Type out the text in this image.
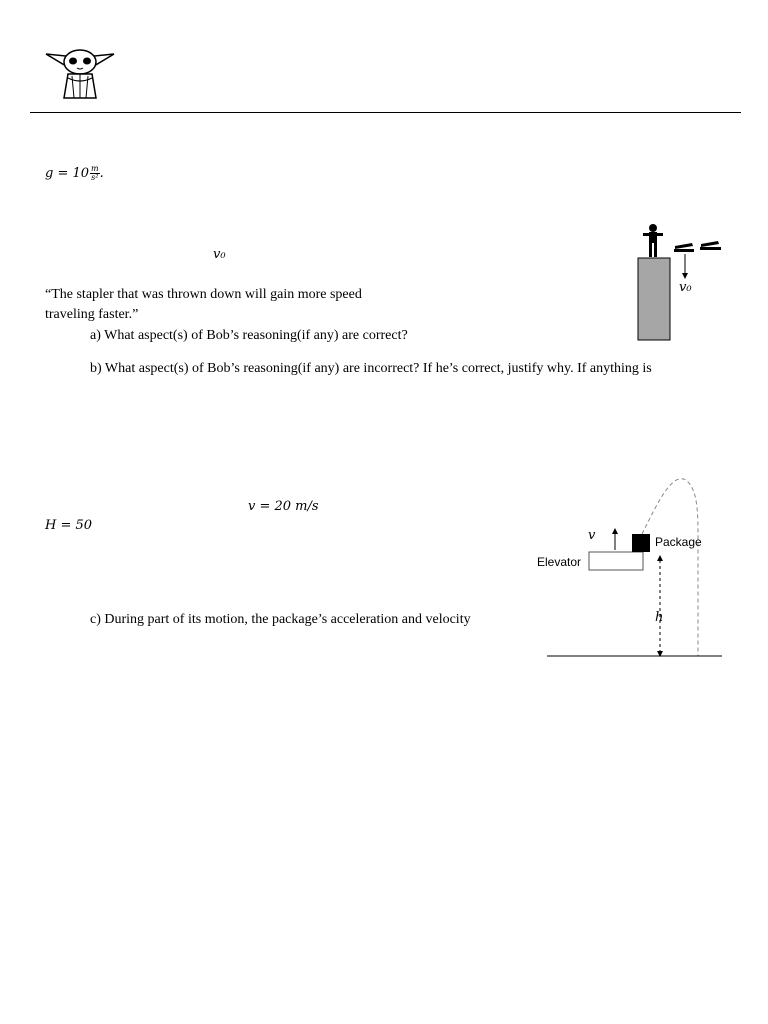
$g = 10 \frac{m}{\text{s²}}$ .
v₀
“The stapler that was thrown down will gain more speed
traveling faster.”
a) What aspect(s) of Bob’s reasoning(if any) are correct?
b) What aspect(s) of Bob’s reasoning(if any) are incorrect? If he’s correct, justify why. If anything is
v₀
v = 20 m/s
H = 50
c) During part of its motion, the package’s acceleration and velocity
v	Package
Elevator
h
